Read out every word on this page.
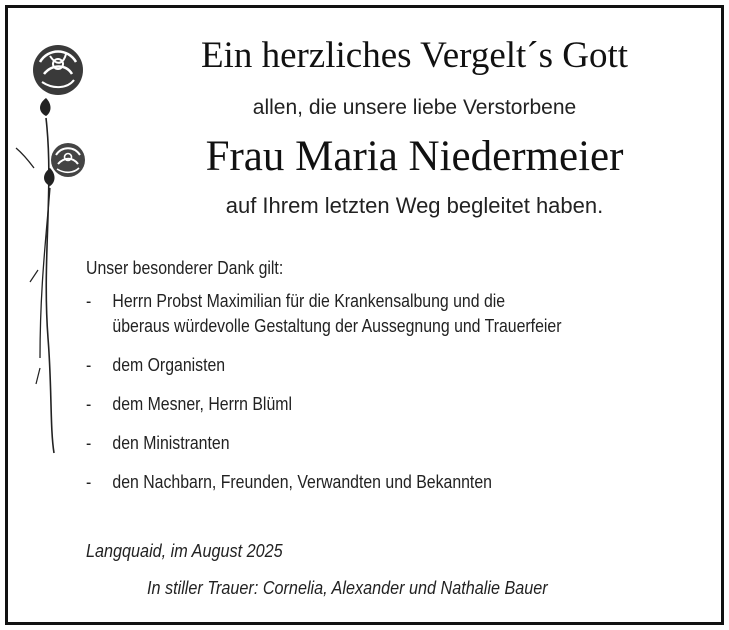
Ein herzliches Vergelt´s Gott
allen, die unsere liebe Verstorbene
Frau Maria Niedermeier
auf Ihrem letzten Weg begleitet haben.

Unser besonderer Dank gilt:

- Herrn Probst Maximilian für die Krankensalbung und die
überaus würdevolle Gestaltung der Aussegnung und Trauerfeier
- dem Organisten
- dem Mesner, Herrn Blüml
- den Ministranten
- den Nachbarn, Freunden, Verwandten und Bekannten
Langquaid, im August 2025
In stiller Trauer: Cornelia, Alexander und Nathalie Bauer
